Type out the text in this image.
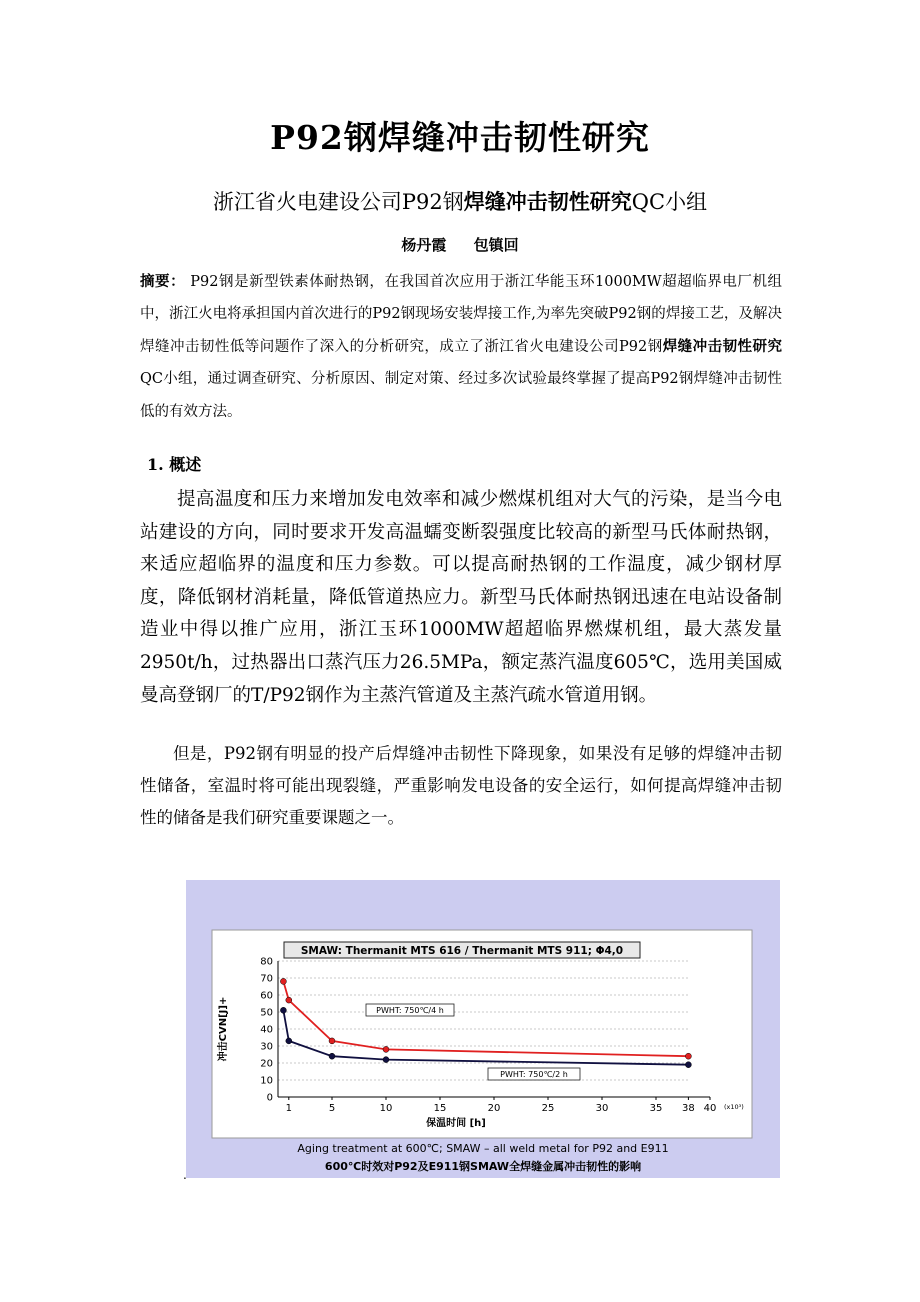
P92钢焊缝冲击韧性研究
浙江省火电建设公司P92钢焊缝冲击韧性研究QC小组
杨丹霞 包镇回
摘要： P92钢是新型铁素体耐热钢，在我国首次应用于浙江华能玉环1000MW超超临界电厂机组中，浙江火电将承担国内首次进行的P92钢现场安装焊接工作,为率先突破P92钢的焊接工艺，及解决焊缝冲击韧性低等问题作了深入的分析研究，成立了浙江省火电建设公司P92钢焊缝冲击韧性研究QC小组，通过调查研究、分析原因、制定对策、经过多次试验最终掌握了提高P92钢焊缝冲击韧性低的有效方法。
1. 概述
提高温度和压力来增加发电效率和减少燃煤机组对大气的污染，是当今电站建设的方向，同时要求开发高温蠕变断裂强度比较高的新型马氏体耐热钢，来适应超临界的温度和压力参数。可以提高耐热钢的工作温度，减少钢材厚度，降低钢材消耗量，降低管道热应力。新型马氏体耐热钢迅速在电站设备制造业中得以推广应用，浙江玉环1000MW超超临界燃煤机组，最大蒸发量2950t/h，过热器出口蒸汽压力26.5MPa，额定蒸汽温度605℃，选用美国威曼高登钢厂的T/P92钢作为主蒸汽管道及主蒸汽疏水管道用钢。
但是，P92钢有明显的投产后焊缝冲击韧性下降现象，如果没有足够的焊缝冲击韧性储备，室温时将可能出现裂缝，严重影响发电设备的安全运行，如何提高焊缝冲击韧性的储备是我们研究重要课题之一。
SMAW: Thermanit MTS 616 / Thermanit MTS 911; Φ4,0
0
10
20
30
40
50
60
70
80
1	5	10	15	20	25	30	35 38 40 (x10³)
保温时间 [h]
冲击CVN[J]+	PWHT: 750℃/4 h
PWHT: 750℃/2 h
Aging treatment at 600℃; SMAW – all weld metal for P92 and E911
600℃时效对P92及E911钢SMAW全焊缝金属冲击韧性的影响
.
